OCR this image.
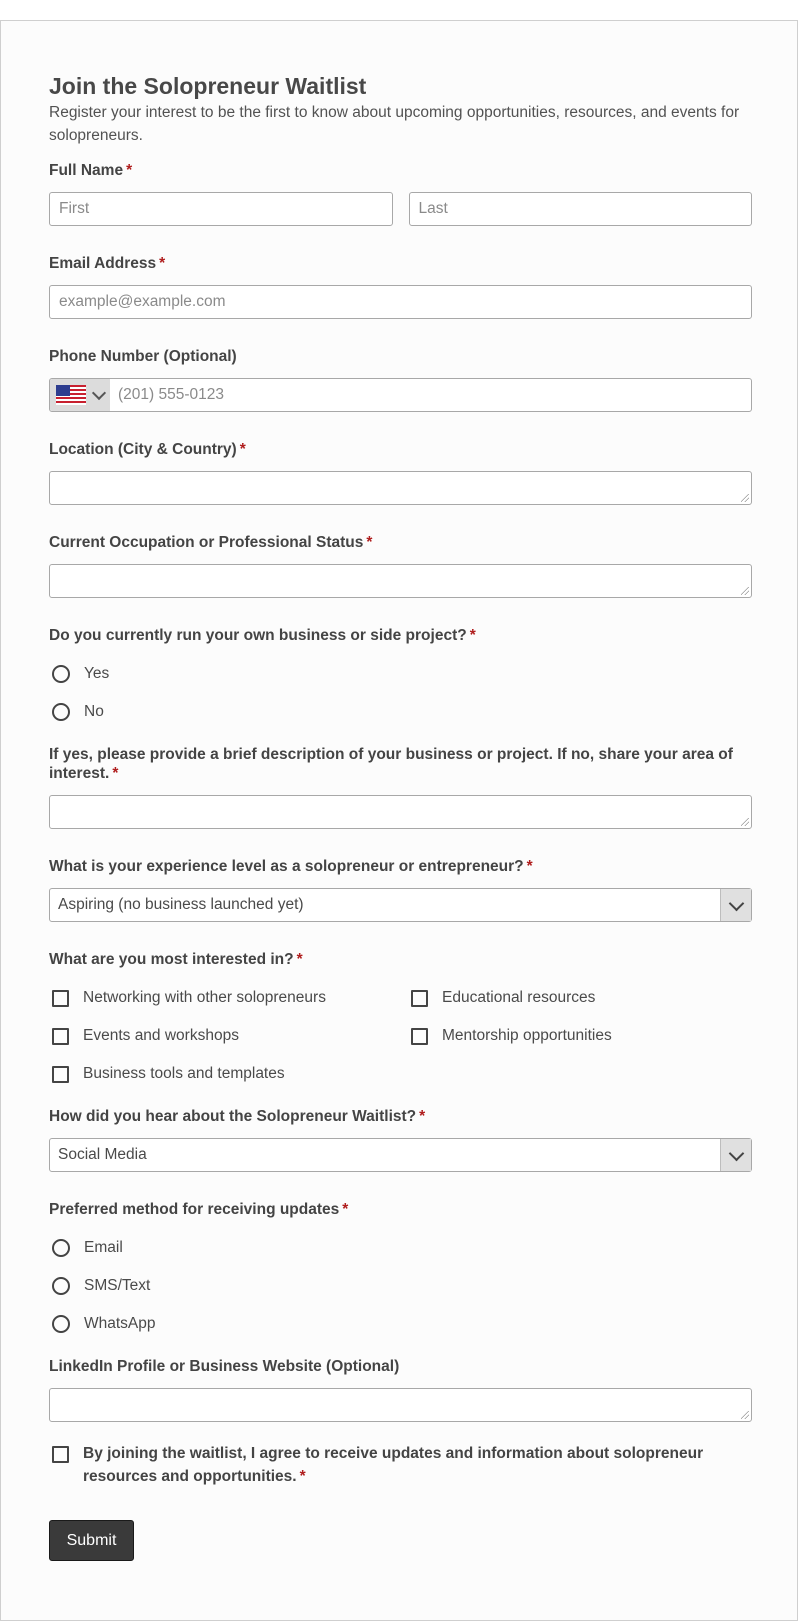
Join the Solopreneur Waitlist

Register your interest to be the first to know about upcoming opportunities, resources, and events for solopreneurs.

Full Name *
First	Last
Email Address *
example@example.com
Phone Number (Optional)
(201) 555-0123
Location (City & Country) *
Current Occupation or Professional Status *
Do you currently run your own business or side project? *
Yes
No
If yes, please provide a brief description of your business or project. If no, share your area of interest. *
What is your experience level as a solopreneur or entrepreneur? *
Aspiring (no business launched yet)
What are you most interested in? *
Networking with other solopreneurs	Educational resources
Events and workshops	Mentorship opportunities
Business tools and templates
How did you hear about the Solopreneur Waitlist? *
Social Media
Preferred method for receiving updates *
Email
SMS/Text
WhatsApp
LinkedIn Profile or Business Website (Optional)
By joining the waitlist, I agree to receive updates and information about solopreneur resources and opportunities. *
Submit
